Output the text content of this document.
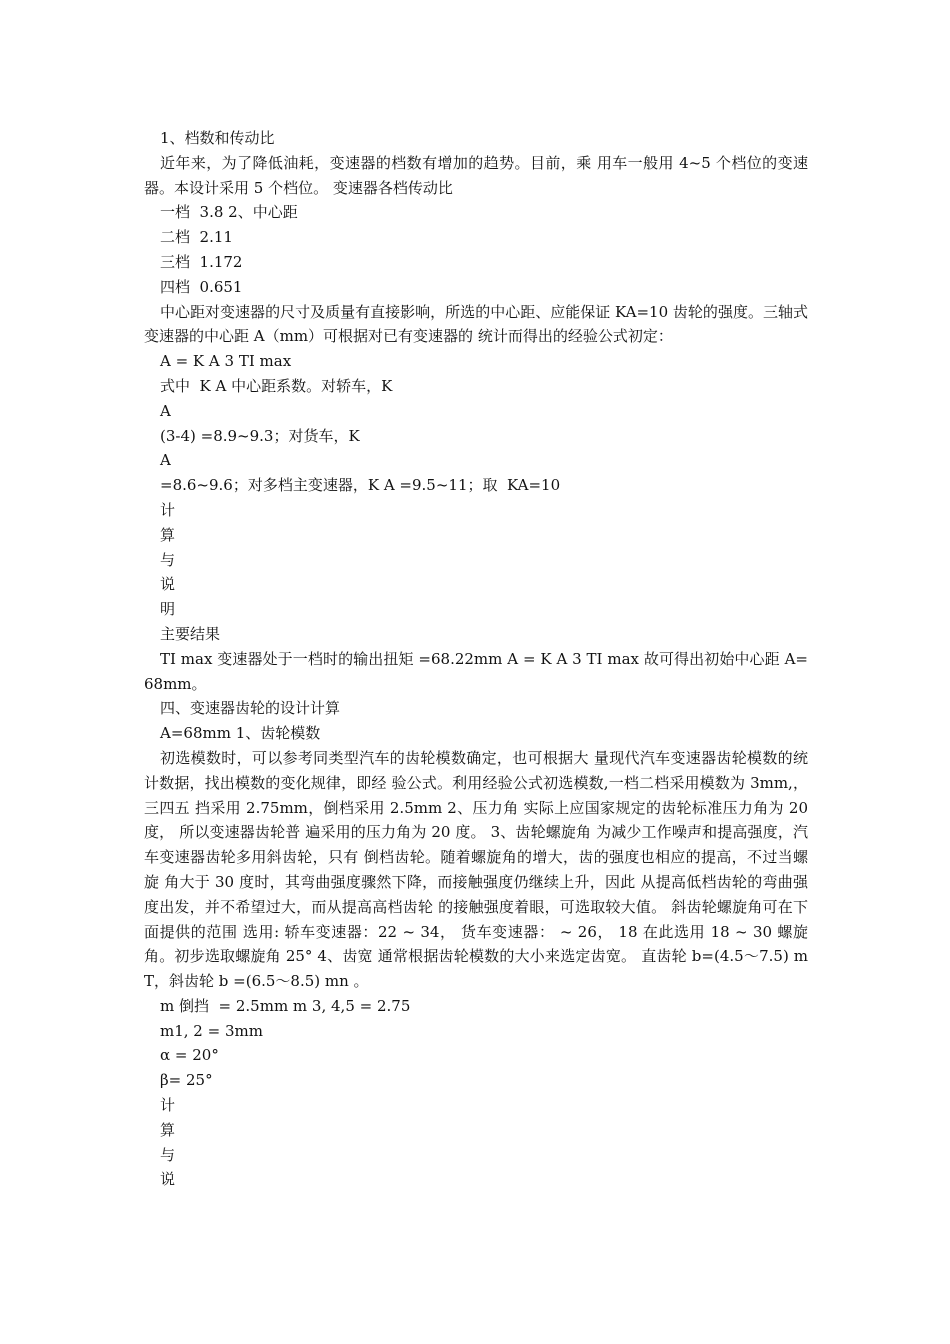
1、档数和传动比

近年来，为了降低油耗，变速器的档数有增加的趋势。目前，乘 用车一般用 4~5 个档位的变速器。本设计采用 5 个档位。 变速器各档传动比

一档  3.8 2、中心距

二档  2.11

三档  1.172

四档  0.651

中心距对变速器的尺寸及质量有直接影响，所选的中心距、应能保证 KA=10 齿轮的强度。三轴式变速器的中心距 A（mm）可根据对已有变速器的 统计而得出的经验公式初定：

A = K A 3 TI max

式中  K A 中心距系数。对轿车，K

A

(3-4) =8.9~9.3；对货车，K

A

=8.6~9.6；对多档主变速器，K A =9.5~11；取  KA=10

计

算

与

说

明

主要结果

TI max 变速器处于一档时的输出扭矩 =68.22mm A = K A 3 TI max 故可得出初始中心距 A=68mm。

四、变速器齿轮的设计计算

A=68mm 1、齿轮模数

初选模数时，可以参考同类型汽车的齿轮模数确定，也可根据大 量现代汽车变速器齿轮模数的统计数据，找出模数的变化规律，即经 验公式。利用经验公式初选模数,一档二档采用模数为 3mm,，三四五 挡采用 2.75mm，倒档采用 2.5mm 2、压力角 实际上应国家规定的齿轮标准压力角为 20 度， 所以变速器齿轮普 遍采用的压力角为 20 度。 3、齿轮螺旋角 为减少工作噪声和提高强度，汽车变速器齿轮多用斜齿轮，只有 倒档齿轮。随着螺旋角的增大，齿的强度也相应的提高，不过当螺旋 角大于 30 度时，其弯曲强度骤然下降，而接触强度仍继续上升，因此 从提高低档齿轮的弯曲强度出发，并不希望过大，而从提高高档齿轮 的接触强度着眼，可选取较大值。 斜齿轮螺旋角可在下面提供的范围 选用: 轿车变速器：22 ~ 34， 货车变速器： ~ 26， 18 在此选用 18 ~ 30 螺旋角。初步选取螺旋角 25° 4、齿宽 通常根据齿轮模数的大小来选定齿宽。 直齿轮 b=(4.5～7.5) mT，斜齿轮 b =(6.5～8.5) mn 。

m 倒挡  = 2.5mm m 3, 4,5 = 2.75

m1, 2 = 3mm

α = 20°

β= 25°

计

算

与

说
